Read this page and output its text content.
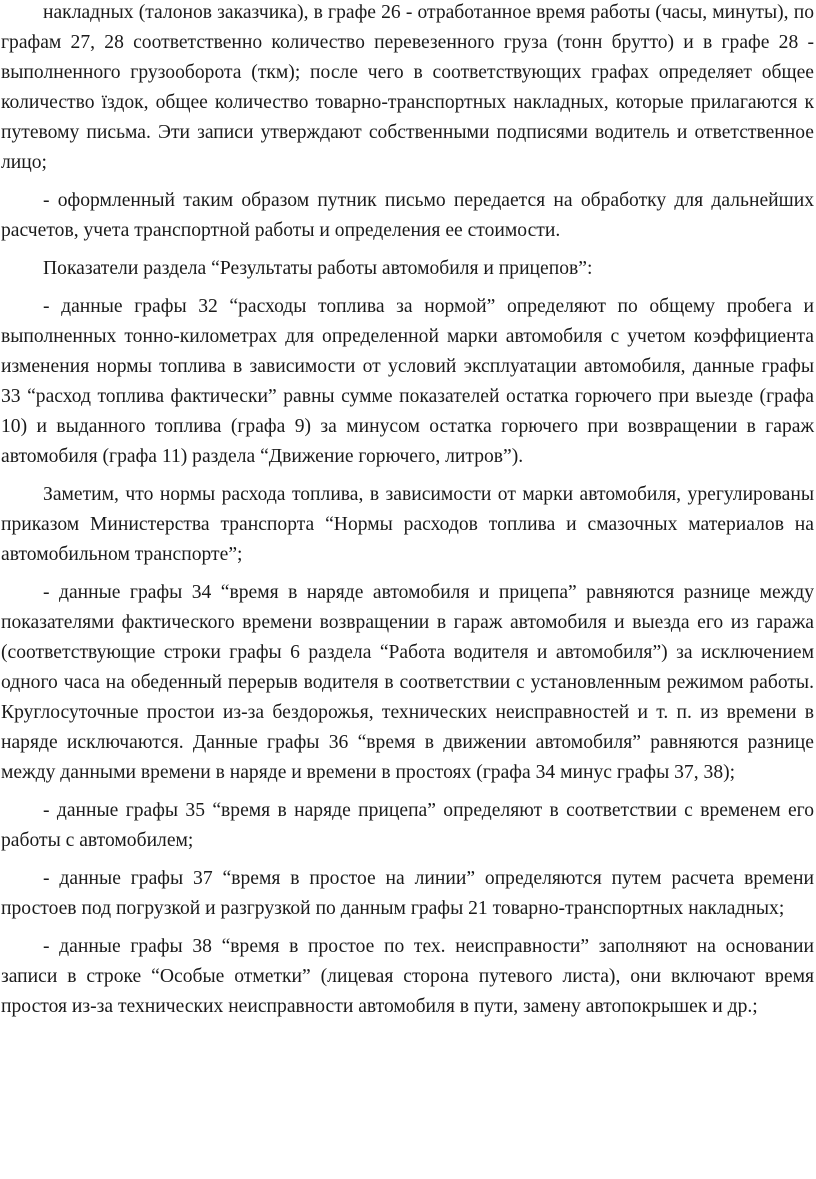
накладных (талонов заказчика), в графе 26 - отработанное время работы (часы, минуты), по графам 27, 28 соответственно количество перевезенного груза (тонн брутто) и в графе 28 - выполненного грузооборота (ткм); после чего в соответствующих графах определяет общее количество їздок, общее количество товарно-транспортных накладных, которые прилагаются к путевому письма. Эти записи утверждают собственными подписями водитель и ответственное лицо;

- оформленный таким образом путник письмо передается на обработку для дальнейших расчетов, учета транспортной работы и определения ее стоимости.

Показатели раздела “Результаты работы автомобиля и прицепов”:

- данные графы 32 “расходы топлива за нормой” определяют по общему пробега и выполненных тонно-километрах для определенной марки автомобиля с учетом коэффициента изменения нормы топлива в зависимости от условий эксплуатации автомобиля, данные графы 33 “расход топлива фактически” равны сумме показателей остатка горючего при выезде (графа 10) и выданного топлива (графа 9) за минусом остатка горючего при возвращении в гараж автомобиля (графа 11) раздела “Движение горючего, литров”).

Заметим, что нормы расхода топлива, в зависимости от марки автомобиля, урегулированы приказом Министерства транспорта “Нормы расходов топлива и смазочных материалов на автомобильном транспорте”;

- данные графы 34 “время в наряде автомобиля и прицепа” равняются разнице между показателями фактического времени возвращении в гараж автомобиля и выезда его из гаража (соответствующие строки графы 6 раздела “Работа водителя и автомобиля”) за исключением одного часа на обеденный перерыв водителя в соответствии с установленным режимом работы. Круглосуточные простои из-за бездорожья, технических неисправностей и т. п. из времени в наряде исключаются. Данные графы 36 “время в движении автомобиля” равняются разнице между данными времени в наряде и времени в простоях (графа 34 минус графы 37, 38);

- данные графы 35 “время в наряде прицепа” определяют в соответствии с временем его работы с автомобилем;

- данные графы 37 “время в простое на линии” определяются путем расчета времени простоев под погрузкой и разгрузкой по данным графы 21 товарно-транспортных накладных;

- данные графы 38 “время в простое по тех. неисправности” заполняют на основании записи в строке “Особые отметки” (лицевая сторона путевого листа), они включают время простоя из-за технических неисправности автомобиля в пути, замену автопокрышек и др.;
